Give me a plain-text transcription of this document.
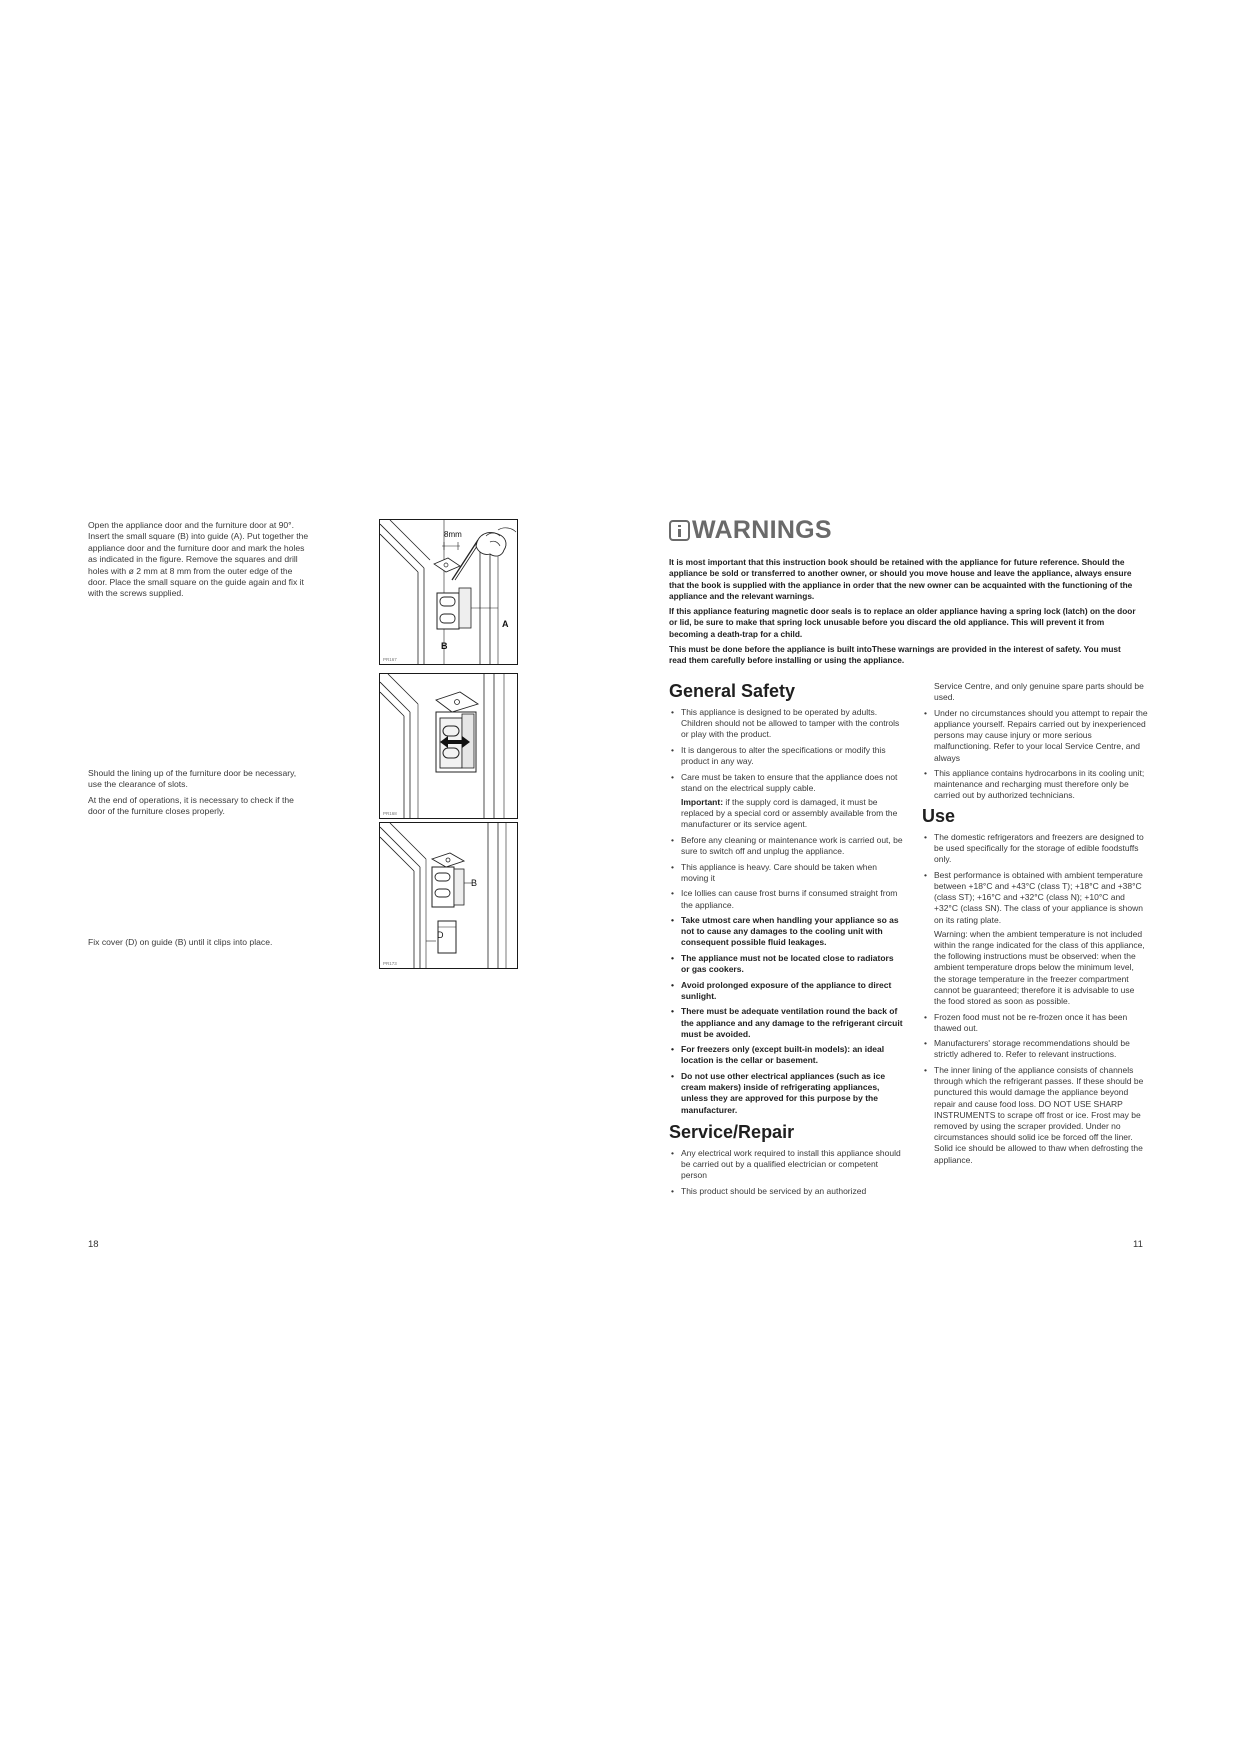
Open the appliance door and the furniture door at 90°. Insert the small square (B) into guide (A). Put together the appliance door and the furniture door and mark the holes as indicated in the figure. Remove the squares and drill holes with ø 2 mm at 8 mm from the outer edge of the door. Place the small square on the guide again and fix it with the screws supplied.

Should the lining up of the furniture door be necessary, use the clearance of slots.

At the end of operations, it is necessary to check if the door of the furniture closes properly.

Fix cover (D) on guide (B) until it clips into place.

8mm
A
B
PR167
PR168
B
D
PR173
18
WARNINGS

It is most important that this instruction book should be retained with the appliance for future reference. Should the appliance be sold or transferred to another owner, or should you move house and leave the appliance, always ensure that the book is supplied with the appliance in order that the new owner can be acquainted with the functioning of the appliance and the relevant warnings.

If this appliance featuring magnetic door seals is to replace an older appliance having a spring lock (latch) on the door or lid, be sure to make that spring lock unusable before you discard the old appliance. This will prevent it from becoming a death-trap for a child.

This must be done before the appliance is built intoThese warnings are provided in the interest of safety. You must read them carefully before installing or using the appliance.

General Safety
• This appliance is designed to be operated by adults. Children should not be allowed to tamper with the controls or play with the product.
• It is dangerous to alter the specifications or modify this product in any way.
• Care must be taken to ensure that the appliance does not stand on the electrical supply cable.
Important: if the supply cord is damaged, it must be replaced by a special cord or assembly available from the manufacturer or its service agent.
• Before any cleaning or maintenance work is carried out, be sure to switch off and unplug the appliance.
• This appliance is heavy. Care should be taken when moving it
• Ice lollies can cause frost burns if consumed straight from the appliance.
• Take utmost care when handling your appliance so as not to cause any damages to the cooling unit with consequent possible fluid leakages.
• The appliance must not be located close to radiators or gas cookers.
• Avoid prolonged exposure of the appliance to direct sunlight.
• There must be adequate ventilation round the back of the appliance and any damage to the refrigerant circuit must be avoided.
• For freezers only (except built-in models): an ideal location is the cellar or basement.
• Do not use other electrical appliances (such as ice cream makers) inside of refrigerating appliances, unless they are approved for this purpose by the manufacturer.
Service/Repair
• Any electrical work required to install this appliance should be carried out by a qualified electrician or competent person
• This product should be serviced by an authorized
Service Centre, and only genuine spare parts should be used.
• Under no circumstances should you attempt to repair the appliance yourself. Repairs carried out by inexperienced persons may cause injury or more serious malfunctioning. Refer to your local Service Centre, and always
• This appliance contains hydrocarbons in its cooling unit; maintenance and recharging must therefore only be carried out by authorized technicians.
Use
• The domestic refrigerators and freezers are designed to be used specifically for the storage of edible foodstuffs only.
• Best performance is obtained with ambient temperature between +18°C and +43°C (class T); +18°C and +38°C (class ST); +16°C and +32°C (class N); +10°C and +32°C (class SN). The class of your appliance is shown on its rating plate.
Warning: when the ambient temperature is not included within the range indicated for the class of this appliance, the following instructions must be observed: when the ambient temperature drops below the minimum level, the storage temperature in the freezer compartment cannot be guaranteed; therefore it is advisable to use the food stored as soon as possible.
• Frozen food must not be re-frozen once it has been thawed out.
• Manufacturers' storage recommendations should be strictly adhered to. Refer to relevant instructions.
• The inner lining of the appliance consists of channels through which the refrigerant passes. If these should be punctured this would damage the appliance beyond repair and cause food loss. DO NOT USE SHARP INSTRUMENTS to scrape off frost or ice. Frost may be removed by using the scraper provided. Under no circumstances should solid ice be forced off the liner. Solid ice should be allowed to thaw when defrosting the appliance.
11
